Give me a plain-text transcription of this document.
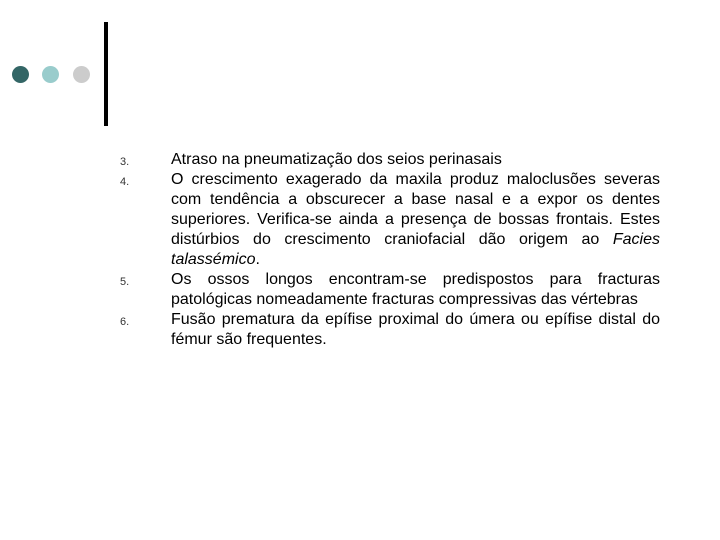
3.	Atraso na pneumatização dos seios perinasais
4.	O crescimento exagerado da maxila produz maloclusões severas com tendência a obscurecer a base nasal e a expor os dentes superiores. Verifica-se ainda a presença de bossas frontais. Estes distúrbios do crescimento craniofacial dão origem ao Facies talassémico.
5.	Os ossos longos encontram-se predispostos para fracturas patológicas nomeadamente fracturas compressivas das vértebras
6.	Fusão prematura da epífise proximal do úmera ou epífise distal do fémur são frequentes.
